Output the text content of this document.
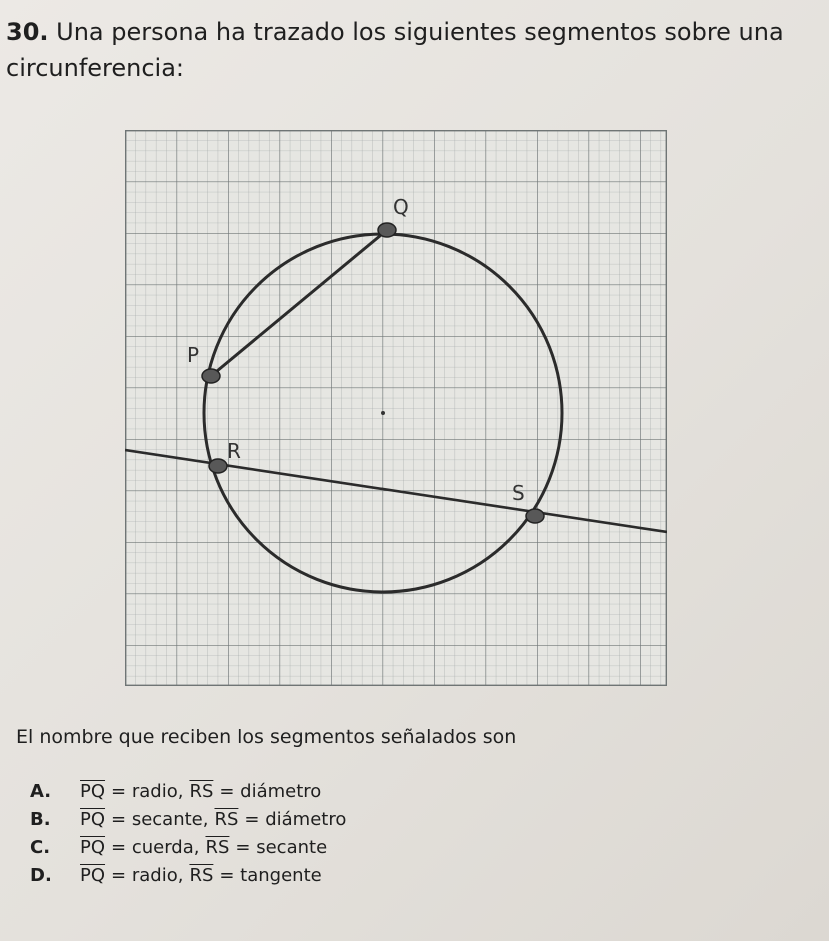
30. Una persona ha trazado los siguientes segmentos sobre una circunferencia:
Q
P
R
S
El nombre que reciben los segmentos señalados son
A.	$\overline{PQ}$ = radio, $\overline{RS}$ = diámetro
B.	$\overline{PQ}$ = secante, $\overline{RS}$ = diámetro
C.	$\overline{PQ}$ = cuerda, $\overline{RS}$ = secante
D.	$\overline{PQ}$ = radio, $\overline{RS}$ = tangente
